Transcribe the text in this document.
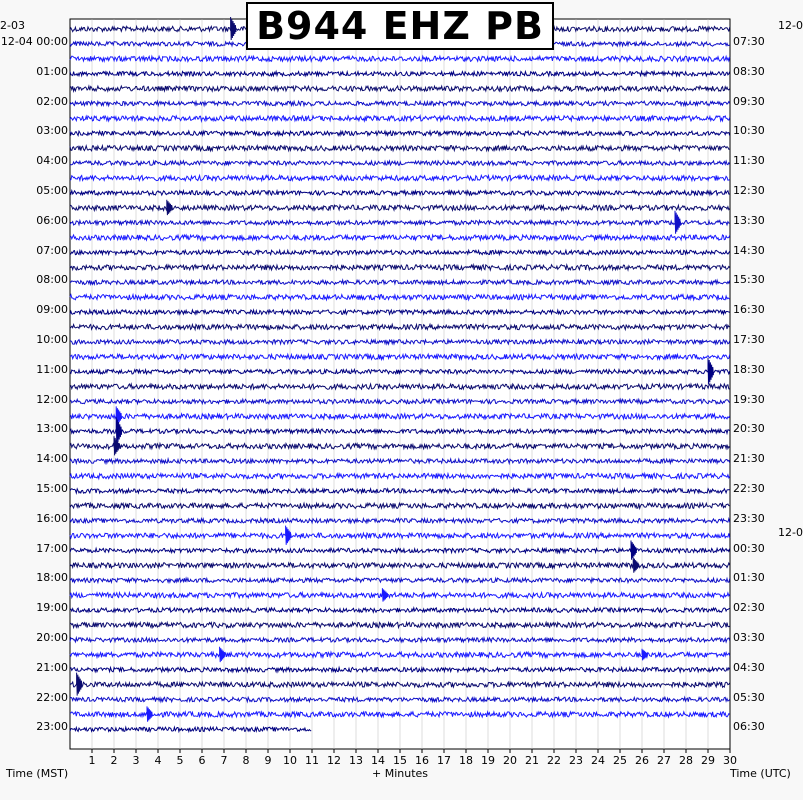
1 2 3 4 5 6 7 8 9 10 11 12 13 14 15 16 17 18 19 20 21 22 23 24 25 26 27 28 29 30
B944 EHZ PB
2-03	12-0
12-0
Time (MST)	+ Minutes	Time (UTC)
12-04 00:00
01:00
02:00
03:00
04:00
05:00
06:00
07:00
08:00
09:00
10:00
11:00
12:00
13:00
14:00
15:00
16:00
17:00
18:00
19:00
20:00
21:00
22:00
23:00
07:30
08:30
09:30
10:30
11:30
12:30
13:30
14:30
15:30
16:30
17:30
18:30
19:30
20:30
21:30
22:30
23:30
00:30
01:30
02:30
03:30
04:30
05:30
06:30
